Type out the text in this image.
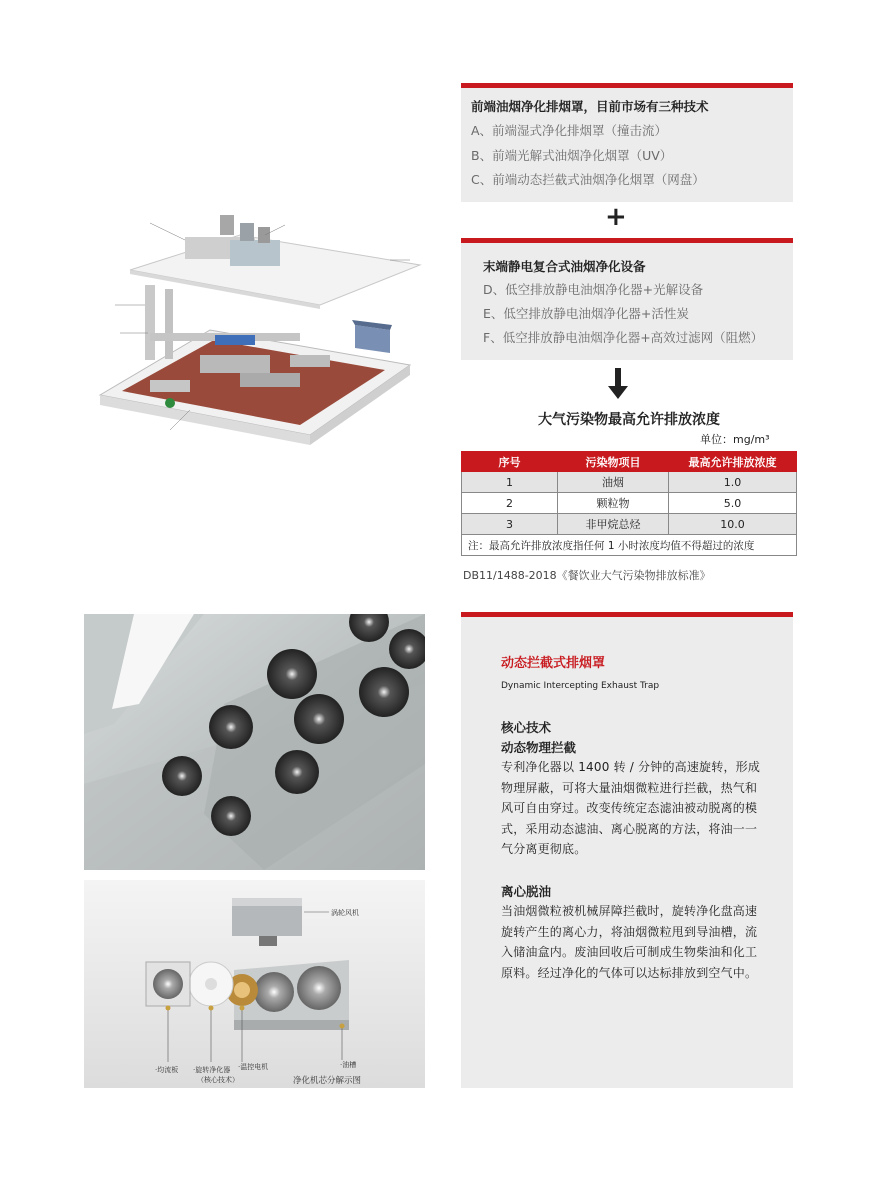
前端油烟净化排烟罩，目前市场有三种技术
A、前端湿式净化排烟罩（撞击流）
B、前端光解式油烟净化烟罩（UV）
C、前端动态拦截式油烟净化烟罩（网盘）
+
末端静电复合式油烟净化设备
D、低空排放静电油烟净化器+光解设备
E、低空排放静电油烟净化器+活性炭
F、低空排放静电油烟净化器+高效过滤网（阻燃）
大气污染物最高允许排放浓度
单位：mg/m³
序号	污染物项目	最高允许排放浓度
1	油烟	1.0
2	颗粒物	5.0
3	非甲烷总烃	10.0
注：最高允许排放浓度指任何 1 小时浓度均值不得超过的浓度		
DB11/1488-2018《餐饮业大气污染物排放标准》
涡轮风机
·均流板 ·旋转净化器
（核心技术）
·温控电机	·油槽
净化机芯分解示图
动态拦截式排烟罩
Dynamic Intercepting Exhaust Trap
核心技术
动态物理拦截
专利净化器以 1400 转 / 分钟的高速旋转，形成物理屏蔽，可将大量油烟微粒进行拦截，热气和风可自由穿过。改变传统定态滤油被动脱离的模式，采用动态滤油、离心脱离的方法，将油一一气分离更彻底。
离心脱油
当油烟微粒被机械屏障拦截时，旋转净化盘高速旋转产生的离心力，将油烟微粒甩到导油槽，流入储油盒内。废油回收后可制成生物柴油和化工原料。经过净化的气体可以达标排放到空气中。
